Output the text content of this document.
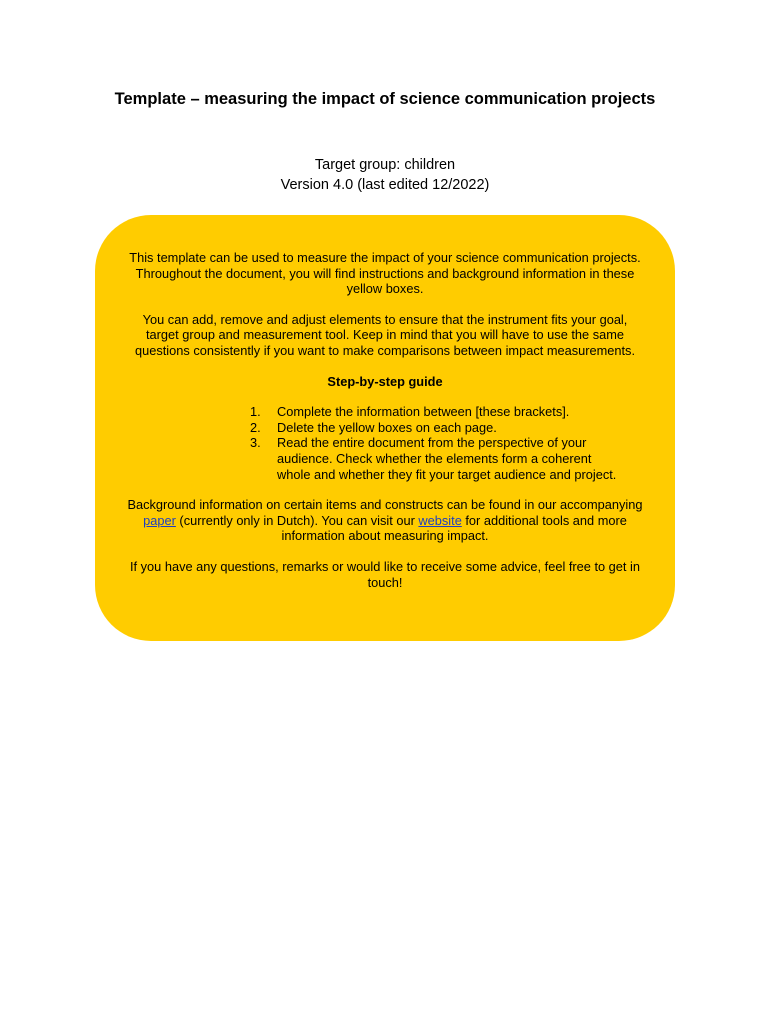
Template – measuring the impact of science communication projects
Target group: children
Version 4.0 (last edited 12/2022)

This template can be used to measure the impact of your science communication projects. Throughout the document, you will find instructions and background information in these yellow boxes.

You can add, remove and adjust elements to ensure that the instrument fits your goal, target group and measurement tool. Keep in mind that you will have to use the same questions consistently if you want to make comparisons between impact measurements.

Step-by-step guide
1. Complete the information between [these brackets].
2. Delete the yellow boxes on each page.
3. Read the entire document from the perspective of your audience. Check whether the elements form a coherent whole and whether they fit your target audience and project.

Background information on certain items and constructs can be found in our accompanying paper (currently only in Dutch). You can visit our website for additional tools and more information about measuring impact.

If you have any questions, remarks or would like to receive some advice, feel free to get in touch!
